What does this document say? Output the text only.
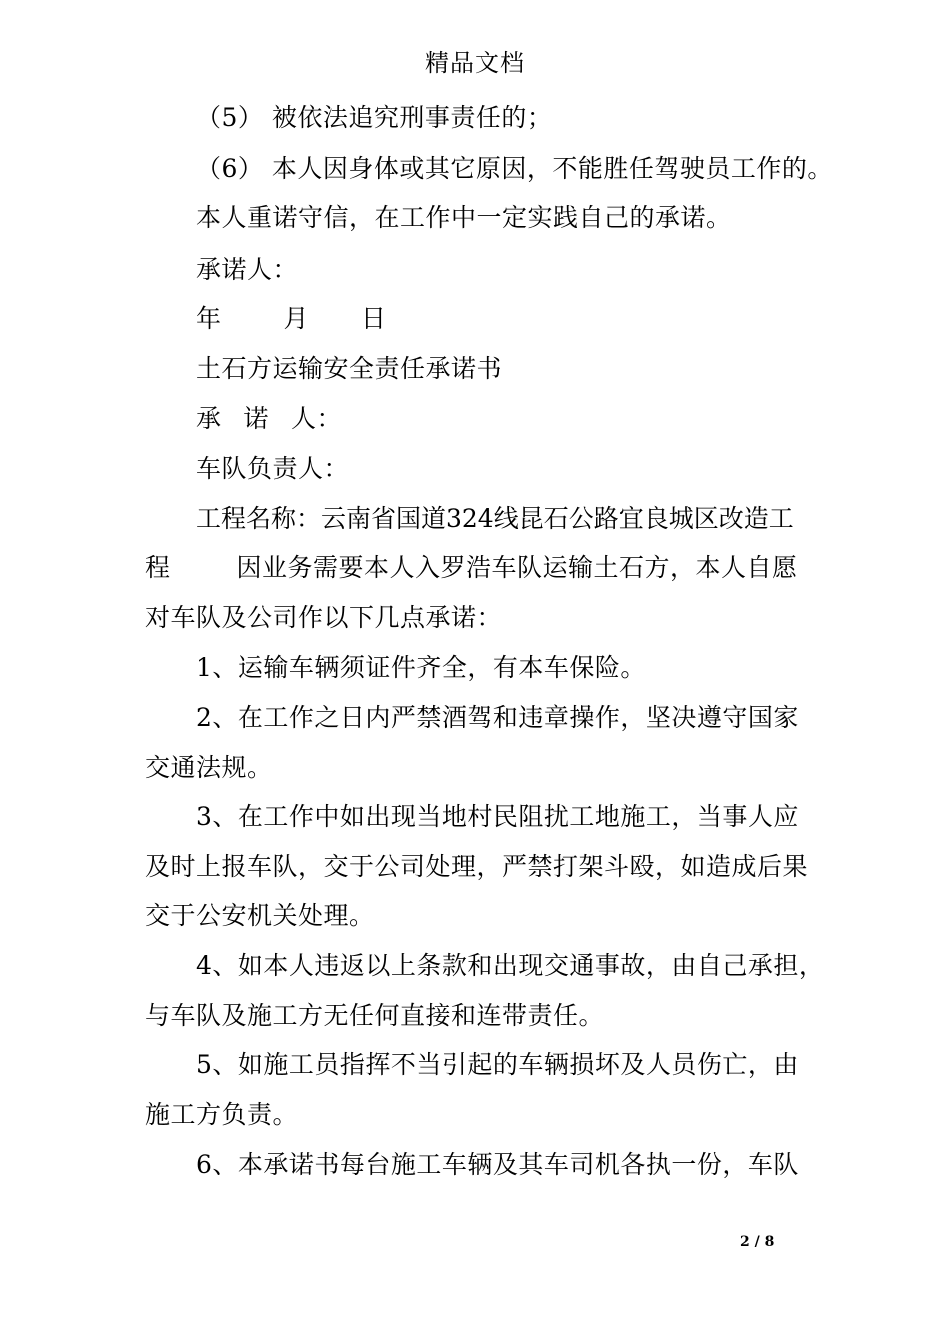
精品文档
（5） 被依法追究刑事责任的；
（6） 本人因身体或其它原因，不能胜任驾驶员工作的。
本人重诺守信，在工作中一定实践自己的承诺。
承诺人：
年 月 日
土石方运输安全责任承诺书
承 诺 人：
车队负责人：
工程名称：云南省国道324线昆石公路宜良城区改造工
程	因业务需要本人入罗浩车队运输土石方，本人自愿
对车队及公司作以下几点承诺：
1、运输车辆须证件齐全，有本车保险。
2、在工作之日内严禁酒驾和违章操作，坚决遵守国家
交通法规。
3、在工作中如出现当地村民阻扰工地施工，当事人应
及时上报车队，交于公司处理，严禁打架斗殴，如造成后果
交于公安机关处理。
4、如本人违返以上条款和出现交通事故，由自己承担，
与车队及施工方无任何直接和连带责任。
5、如施工员指挥不当引起的车辆损坏及人员伤亡，由
施工方负责。
6、本承诺书每台施工车辆及其车司机各执一份，车队
2 / 8
